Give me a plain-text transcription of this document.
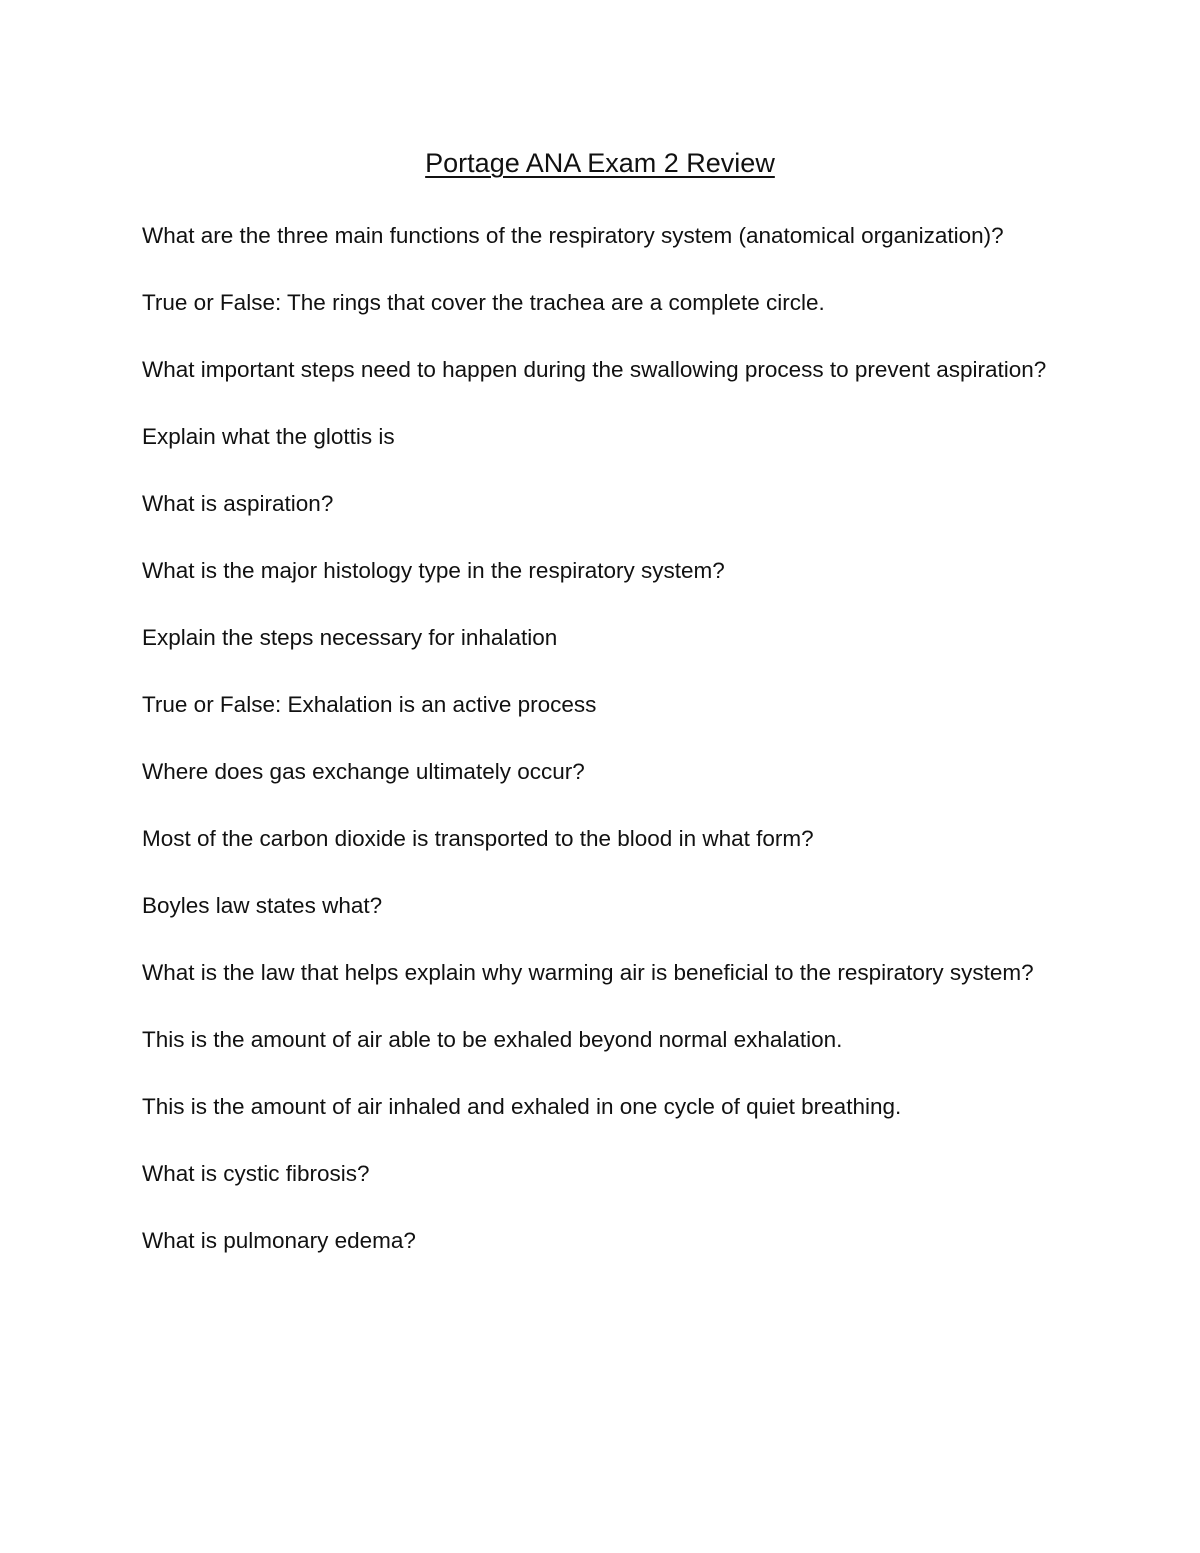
Portage ANA Exam 2 Review
What are the three main functions of the respiratory system (anatomical organization)?
True or False: The rings that cover the trachea are a complete circle.
What important steps need to happen during the swallowing process to prevent aspiration?
Explain what the glottis is
What is aspiration?
What is the major histology type in the respiratory system?
Explain the steps necessary for inhalation
True or False: Exhalation is an active process
Where does gas exchange ultimately occur?
Most of the carbon dioxide is transported to the blood in what form?
Boyles law states what?
What is the law that helps explain why warming air is beneficial to the respiratory system?
This is the amount of air able to be exhaled beyond normal exhalation.
This is the amount of air inhaled and exhaled in one cycle of quiet breathing.
What is cystic fibrosis?
What is pulmonary edema?
